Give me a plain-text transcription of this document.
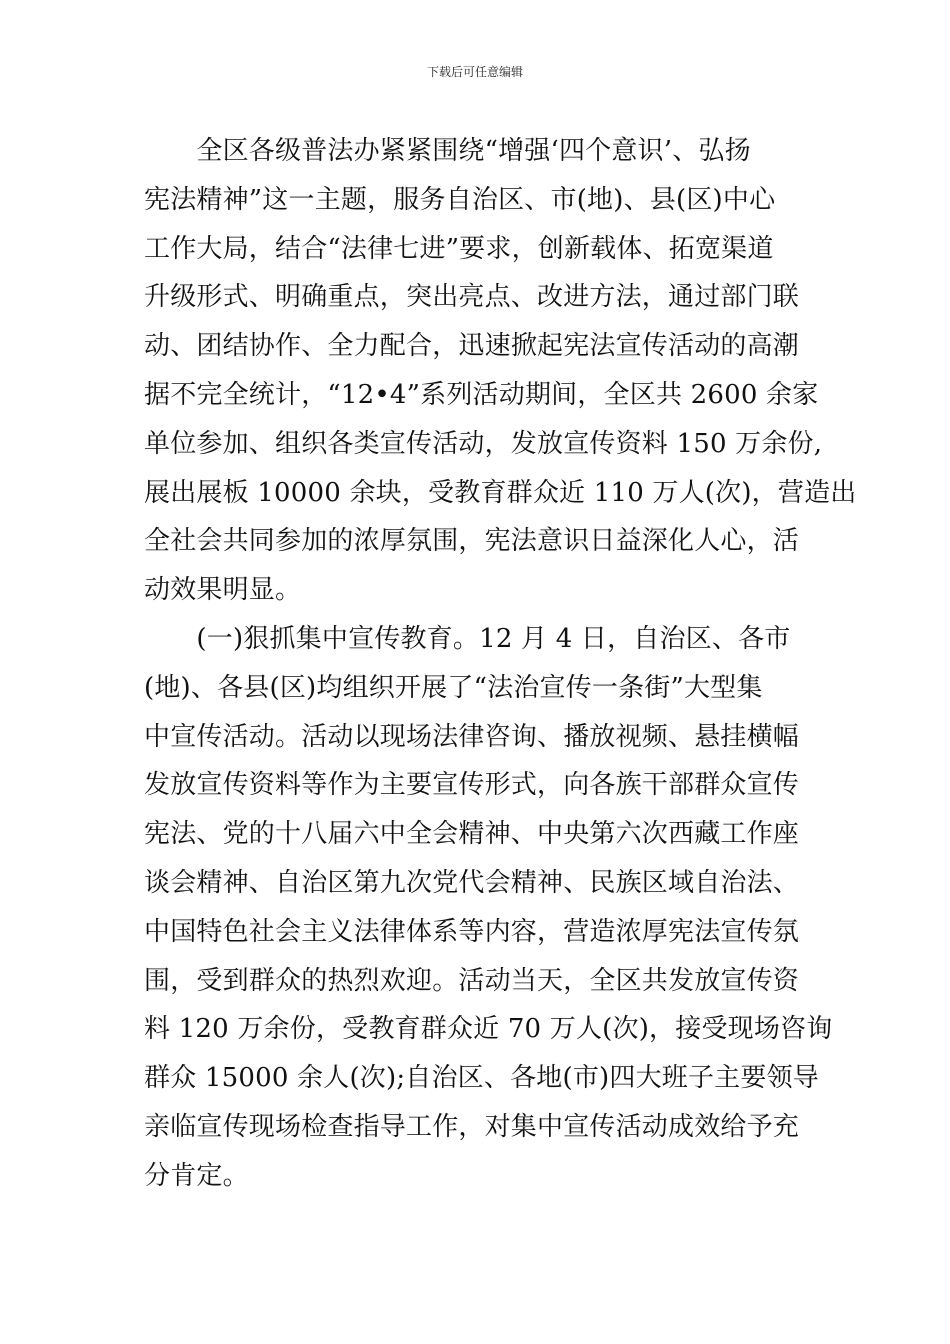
下载后可任意编辑
　　全区各级普法办紧紧围绕“增强‘四个意识’、弘扬
宪法精神”这一主题，服务自治区、市(地)、县(区)中心
工作大局，结合“法律七进”要求，创新载体、拓宽渠道
升级形式、明确重点，突出亮点、改进方法，通过部门联
动、团结协作、全力配合，迅速掀起宪法宣传活动的高潮
据不完全统计，“12•4”系列活动期间，全区共 2600 余家
单位参加、组织各类宣传活动，发放宣传资料 150 万余份,
展出展板 10000 余块，受教育群众近 110 万人(次)，营造出
全社会共同参加的浓厚氛围，宪法意识日益深化人心，活
动效果明显。
　　(一)狠抓集中宣传教育。12 月 4 日，自治区、各市
(地)、各县(区)均组织开展了“法治宣传一条街”大型集
中宣传活动。活动以现场法律咨询、播放视频、悬挂横幅
发放宣传资料等作为主要宣传形式，向各族干部群众宣传
宪法、党的十八届六中全会精神、中央第六次西藏工作座
谈会精神、自治区第九次党代会精神、民族区域自治法、
中国特色社会主义法律体系等内容，营造浓厚宪法宣传氛
围，受到群众的热烈欢迎。活动当天，全区共发放宣传资
料 120 万余份，受教育群众近 70 万人(次)，接受现场咨询
群众 15000 余人(次);自治区、各地(市)四大班子主要领导
亲临宣传现场检查指导工作，对集中宣传活动成效给予充
分肯定。
